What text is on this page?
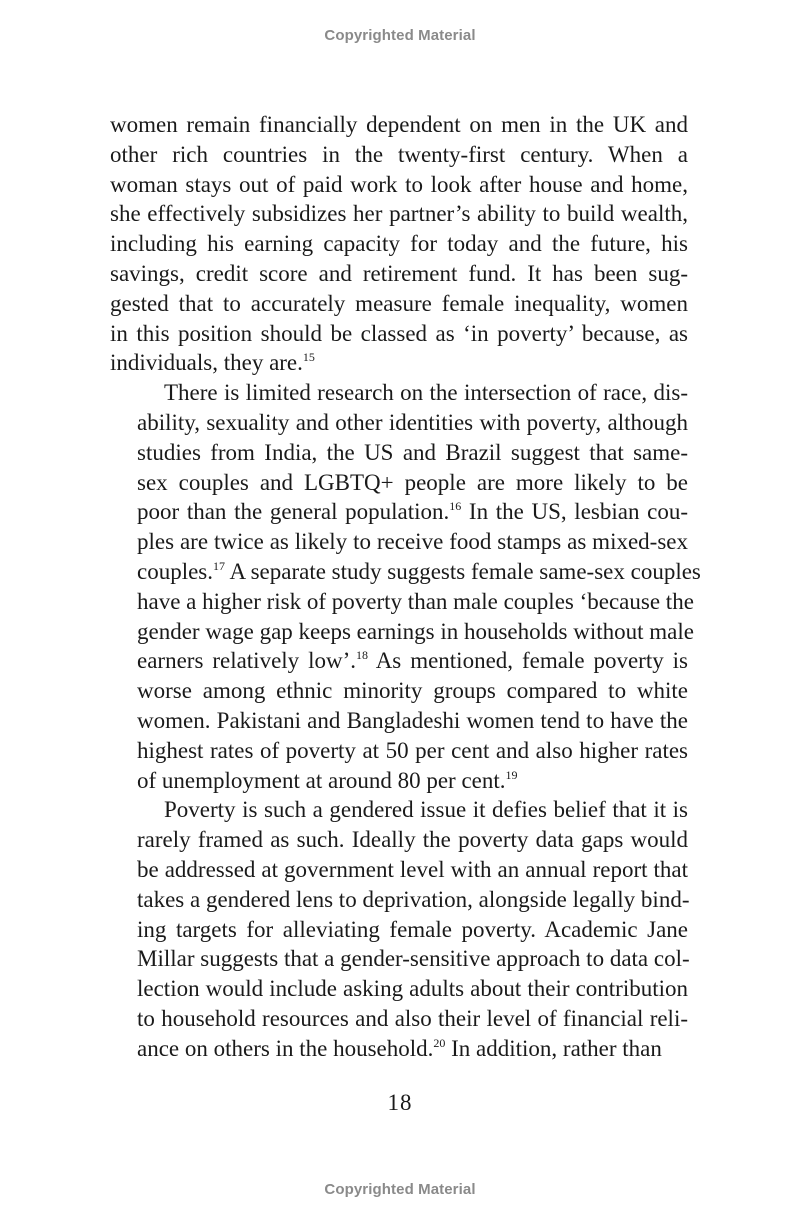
Copyrighted Material

women remain financially dependent on men in the UK and
other rich countries in the twenty-first century. When a
woman stays out of paid work to look after house and home,
she effectively subsidizes her partner’s ability to build wealth,
including his earning capacity for today and the future, his
savings, credit score and retirement fund. It has been sug-
gested that to accurately measure female inequality, women
in this position should be classed as ‘in poverty’ because, as
individuals, they are.$^{15}$

There is limited research on the intersection of race, dis-
ability, sexuality and other identities with poverty, although
studies from India, the US and Brazil suggest that same-
sex couples and LGBTQ+ people are more likely to be
poor than the general population.$^{16}$ In the US, lesbian cou-
ples are twice as likely to receive food stamps as mixed-sex
couples.$^{17}$ A separate study suggests female same-sex couples
have a higher risk of poverty than male couples ‘because the
gender wage gap keeps earnings in households without male
earners relatively low’.$^{18}$ As mentioned, female poverty is
worse among ethnic minority groups compared to white
women. Pakistani and Bangladeshi women tend to have the
highest rates of poverty at 50 per cent and also higher rates
of unemployment at around 80 per cent.$^{19}$

Poverty is such a gendered issue it defies belief that it is
rarely framed as such. Ideally the poverty data gaps would
be addressed at government level with an annual report that
takes a gendered lens to deprivation, alongside legally bind-
ing targets for alleviating female poverty. Academic Jane
Millar suggests that a gender-sensitive approach to data col-
lection would include asking adults about their contribution
to household resources and also their level of financial reli-
ance on others in the household.$^{20}$ In addition, rather than

18
Copyrighted Material
